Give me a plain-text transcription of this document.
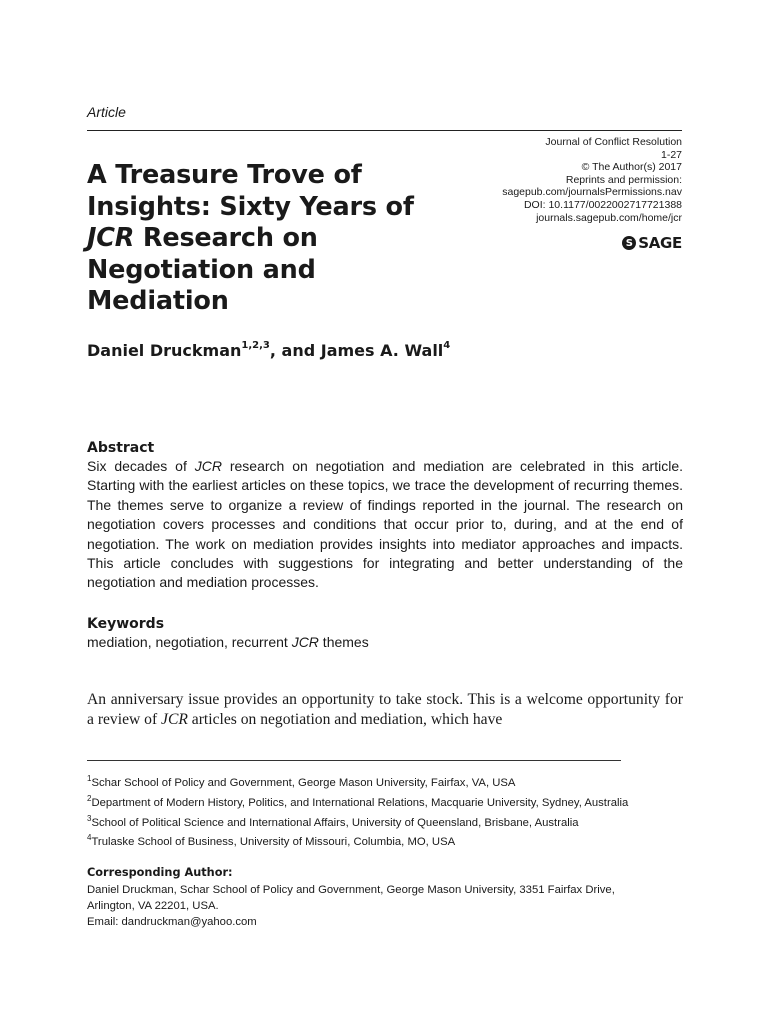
Article
Journal of Conflict Resolution
1-27
© The Author(s) 2017
Reprints and permission:
sagepub.com/journalsPermissions.nav
DOI: 10.1177/0022002717721388
journals.sagepub.com/home/jcr
S SAGE
A Treasure Trove of
Insights: Sixty Years of
JCR Research on
Negotiation and
Mediation
Daniel Druckman$^{1,2,3}$, and James A. Wall$^4$
Abstract
Six decades of JCR research on negotiation and mediation are celebrated in this article. Starting with the earliest articles on these topics, we trace the development of recurring themes. The themes serve to organize a review of findings reported in the journal. The research on negotiation covers processes and conditions that occur prior to, during, and at the end of negotiation. The work on mediation provides insights into mediator approaches and impacts. This article concludes with suggestions for integrating and better understanding of the negotiation and mediation processes.
Keywords
mediation, negotiation, recurrent JCR themes
An anniversary issue provides an opportunity to take stock. This is a welcome opportunity for a review of JCR articles on negotiation and mediation, which have
$^1$Schar School of Policy and Government, George Mason University, Fairfax, VA, USA
$^2$Department of Modern History, Politics, and International Relations, Macquarie University, Sydney, Australia
$^3$School of Political Science and International Affairs, University of Queensland, Brisbane, Australia
$^4$Trulaske School of Business, University of Missouri, Columbia, MO, USA
Corresponding Author:
Daniel Druckman, Schar School of Policy and Government, George Mason University, 3351 Fairfax Drive,
Arlington, VA 22201, USA.
Email: dandruckman@yahoo.com
